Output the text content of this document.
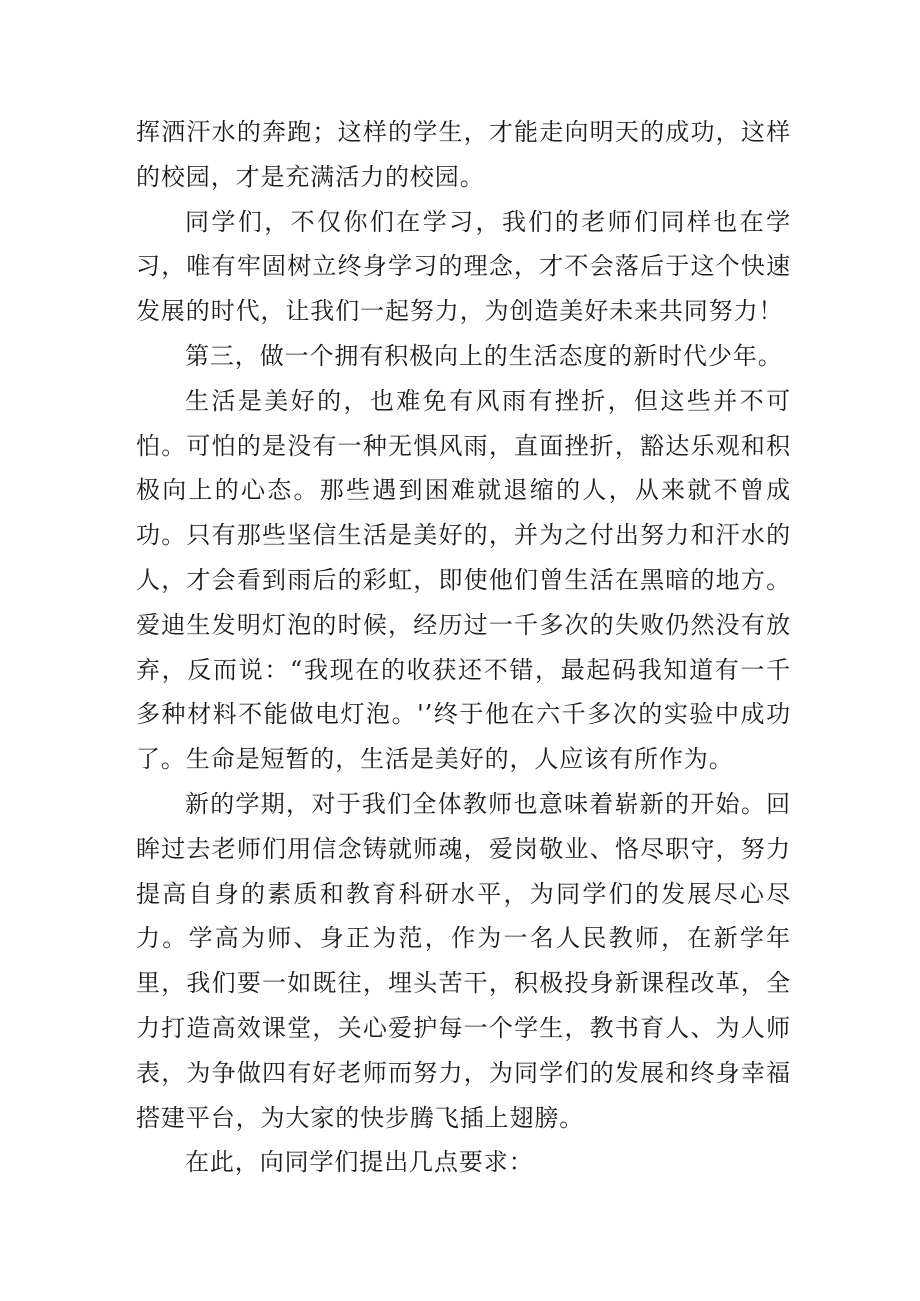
挥洒汗水的奔跑；这样的学生，才能走向明天的成功，这样的校园，才是充满活力的校园。

同学们，不仅你们在学习，我们的老师们同样也在学习，唯有牢固树立终身学习的理念，才不会落后于这个快速发展的时代，让我们一起努力，为创造美好未来共同努力！

第三，做一个拥有积极向上的生活态度的新时代少年。

生活是美好的，也难免有风雨有挫折，但这些并不可怕。可怕的是没有一种无惧风雨，直面挫折，豁达乐观和积极向上的心态。那些遇到困难就退缩的人，从来就不曾成功。只有那些坚信生活是美好的，并为之付出努力和汗水的人，才会看到雨后的彩虹，即使他们曾生活在黑暗的地方。爱迪生发明灯泡的时候，经历过一千多次的失败仍然没有放弃，反而说：“我现在的收获还不错，最起码我知道有一千多种材料不能做电灯泡。'’终于他在六千多次的实验中成功了。生命是短暂的，生活是美好的，人应该有所作为。

新的学期，对于我们全体教师也意味着崭新的开始。回眸过去老师们用信念铸就师魂，爱岗敬业、恪尽职守，努力提高自身的素质和教育科研水平，为同学们的发展尽心尽力。学高为师、身正为范，作为一名人民教师，在新学年里，我们要一如既往，埋头苦干，积极投身新课程改革，全力打造高效课堂，关心爱护每一个学生，教书育人、为人师表，为争做四有好老师而努力，为同学们的发展和终身幸福搭建平台，为大家的快步腾飞插上翅膀。

在此，向同学们提出几点要求：
